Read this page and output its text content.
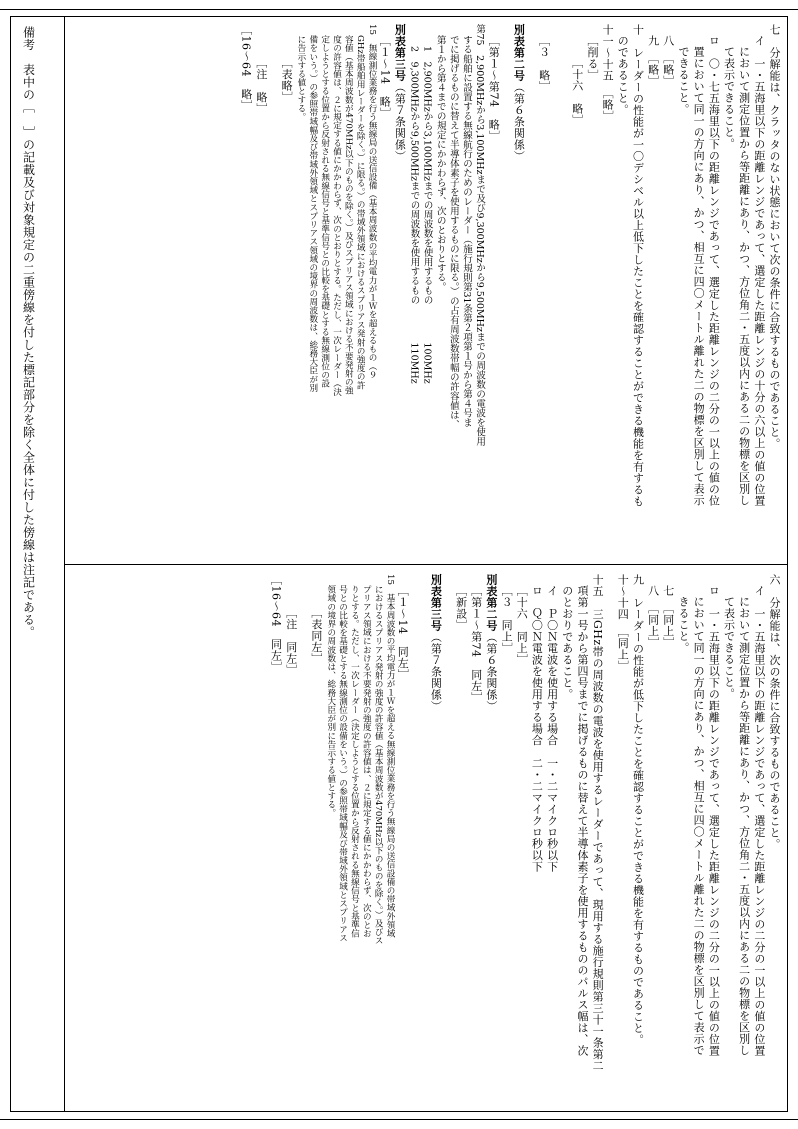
七　分解能は、クラッタのない状態において次の条件に合致するものであること。
イ　一・五海里以下の距離レンジであって、選定した距離レンジの十分の六以上の値の位置
において測定位置から等距離にあり、かつ、方位角二・五度以内にある二の物標を区別し
て表示できること。
ロ　〇・七五海里以下の距離レンジであって、選定した距離レンジの二分の一以上の値の位
置において同一の方向にあり、かつ、相互に四〇メートル離れた二の物標を区別して表示
できること。
八　［略］
九　［略］
十　レーダーの性能が一〇デシベル以上低下したことを確認することができる機能を有するも
のであること。
十一～十五　［略］
［削る］
［十六　略］
［３　略］
別表第二号（第６条関係）
［第１～第74　略］
第75　2,900MHzから3,100MHzまで及び9,300MHzから9,500MHzまでの周波数の電波を使用
する船舶に設置する無線航行のためのレーダー（施行規則第31条第２項第１号から第４号ま
でに掲げるものに替えて半導体素子を使用するものに限る。）の占有周波数帯幅の許容値は、
第１から第４までの規定にかかわらず、次のとおりとする。
1　2,900MHzから3,100MHzまでの周波数を使用するもの　　　　100MHz
2　9,300MHzから9,500MHzまでの周波数を使用するもの　　　　110MHz
別表第三号（第７条関係）
［１～14　略］
15　無線測位業務を行う無線局の送信設備（基本周波数の平均電力が１Ｗを超えるもの（９
GHz帯船舶用レーダーを除く。）に限る。）の帯域外領域におけるスプリアス発射の強度の許
容値（基本周波数が470MHz以下のものを除く。）及びスプリアス領域における不要発射の強
度の許容値は、２に規定する値にかかわらず、次のとおりとする。ただし、一次レーダー（決
定しようとする位置から反射される無線信号と基準信号との比較を基礎とする無線測位の設
備をいう。）の参照帯域幅及び帯域外領域とスプリアス領域の境界の周波数は、総務大臣が別
に告示する値とする。
［表略］
［注　略］
［16～64　略］
六　分解能は、次の条件に合致するものであること。
イ　一・五海里以下の距離レンジであって、選定した距離レンジの二分の一以上の値の位置
において測定位置から等距離にあり、かつ、方位角二・五度以内にある二の物標を区別し
て表示できること。
ロ　一・五海里以下の距離レンジであって、選定した距離レンジの二分の一以上の値の位置
において同一の方向にあり、かつ、相互に四〇メートル離れた二の物標を区別して表示で
きること。
七　［同上］
八　［同上］
九　レーダーの性能が低下したことを確認することができる機能を有するものであること。
十～十四　［同上］
十五　三GHz帯の周波数の電波を使用するレーダーであって、現用する施行規則第三十一条第二
項第一号から第四号までに掲げるものに替えて半導体素子を使用するもののパルス幅は、次
のとおりであること。
イ　Ｐ〇Ｎ電波を使用する場合　一・二マイクロ秒以下
ロ　Ｑ〇Ｎ電波を使用する場合　二・二マイクロ秒以下
［十六　同上］
［３　同上］
別表第二号（第６条関係）
［第１～第74　同左］
［新設］
別表第三号（第７条関係）
［１～14　同左］
15　基本周波数の平均電力が１Ｗを超える無線測位業務を行う無線局の送信設備の帯域外領域
におけるスプリアス発射の強度の許容値（基本周波数が470MHz以下のものを除く。）及びス
プリアス領域における不要発射の強度の許容値は、２に規定する値にかかわらず、次のとお
りとする。ただし、一次レーダー（決定しようとする位置から反射される無線信号と基準信
号との比較を基礎とする無線測位の設備をいう。）の参照帯域幅及び帯域外領域とスプリアス
領域の境界の周波数は、総務大臣が別に告示する値とする。
［表同左］
［注　同左］
［16～64　同左］
備考　表中の［　］の記載及び対象規定の二重傍線を付した標記部分を除く全体に付した傍線は注記である。
